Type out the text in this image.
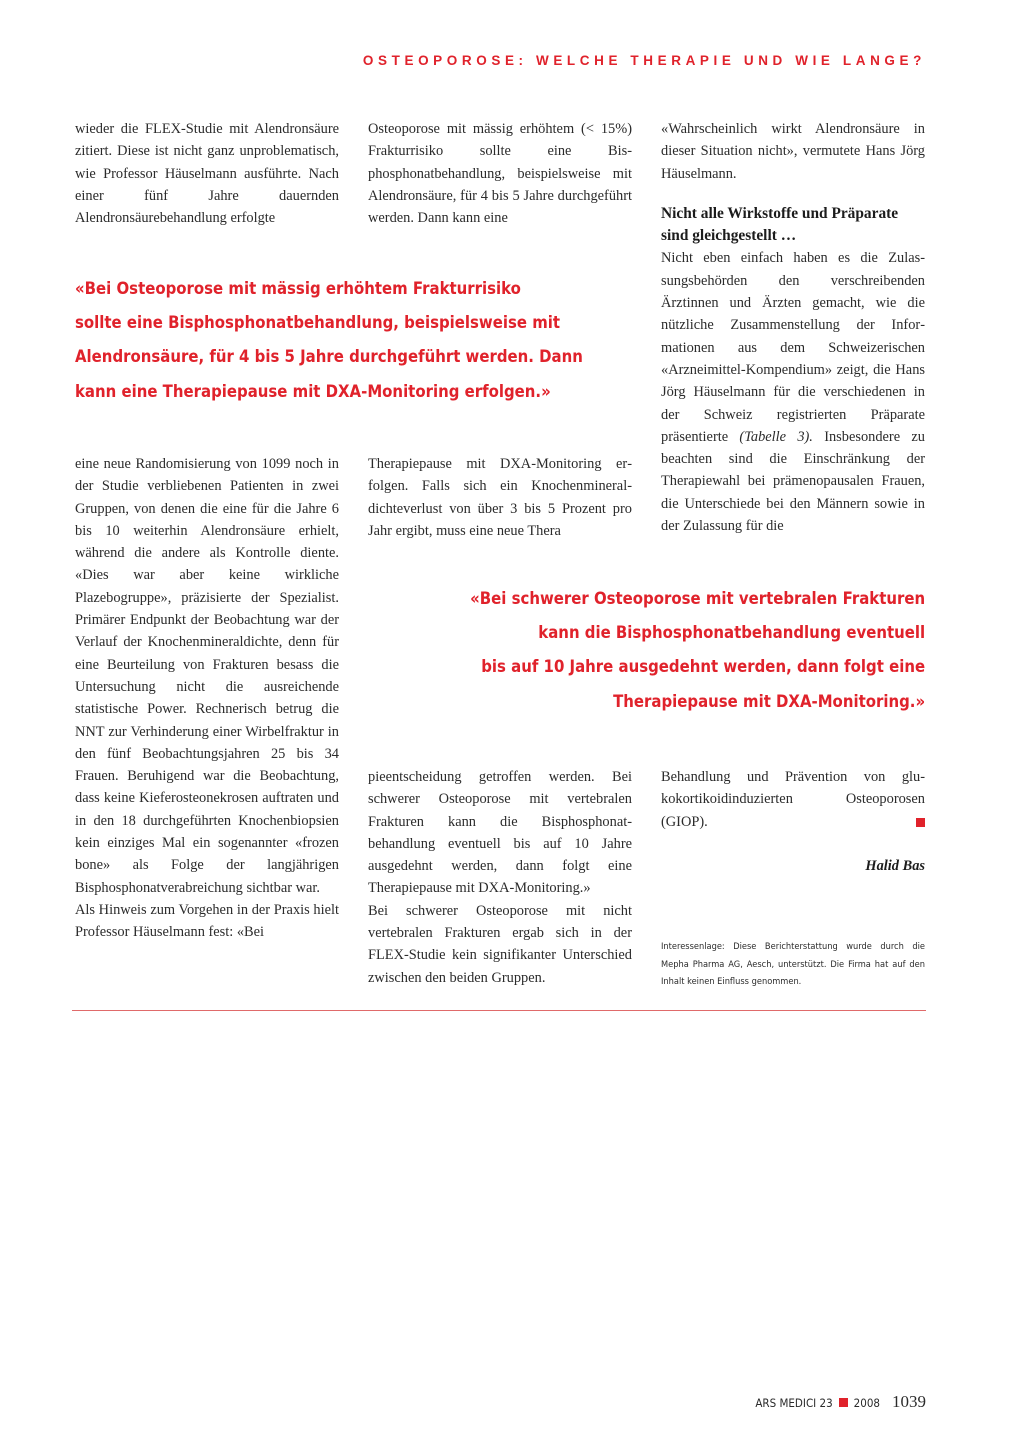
OSTEOPOROSE: WELCHE THERAPIE UND WIE LANGE?

wieder die FLEX-Studie mit Alendronsäure zitiert. Diese ist nicht ganz unproblematisch, wie Professor Häuselmann ausführte. Nach einer fünf Jahre dauernden Alendronsäurebehandlung erfolgte

Osteoporose mit mässig erhöhtem (< 15%) Frakturrisiko sollte eine Bisphosphonatbehandlung, beispielsweise mit Alendronsäure, für 4 bis 5 Jahre durchgeführt werden. Dann kann eine

«Wahrscheinlich wirkt Alendronsäure in dieser Situation nicht», vermutete Hans Jörg Häuselmann.

Nicht alle Wirkstoffe und Präparate sind gleichgestellt …

Nicht eben einfach haben es die Zulassungsbehörden den verschreibenden Ärztinnen und Ärzten gemacht, wie die nützliche Zusammenstellung der Informationen aus dem Schweizerischen «Arzneimittel-Kompendium» zeigt, die Hans Jörg Häuselmann für die verschiedenen in der Schweiz registrierten Präparate präsentierte (Tabelle 3). Insbesondere zu beachten sind die Einschränkung der Therapiewahl bei prämenopausalen Frauen, die Unterschiede bei den Männern sowie in der Zulassung für die

«Bei Osteoporose mit mässig erhöhtem Frakturrisiko
sollte eine Bisphosphonatbehandlung, beispielsweise mit
Alendronsäure, für 4 bis 5 Jahre durchgeführt werden. Dann
kann eine Therapiepause mit DXA-Monitoring erfolgen.»

eine neue Randomisierung von 1099 noch in der Studie verbliebenen Patienten in zwei Gruppen, von denen die eine für die Jahre 6 bis 10 weiterhin Alendronsäure erhielt, während die andere als Kontrolle diente. «Dies war aber keine wirkliche Plazebogruppe», präzisierte der Spezialist. Primärer Endpunkt der Beobachtung war der Verlauf der Knochenmineraldichte, denn für eine Beurteilung von Frakturen besass die Untersuchung nicht die ausreichende statistische Power. Rechnerisch betrug die NNT zur Verhinderung einer Wirbelfraktur in den fünf Beobachtungsjahren 25 bis 34 Frauen. Beruhigend war die Beobachtung, dass keine Kieferosteonekrosen auftraten und in den 18 durchgeführten Knochenbiopsien kein einziges Mal ein sogenannter «frozen bone» als Folge der langjährigen Bisphosphonatverabreichung sichtbar war.

Als Hinweis zum Vorgehen in der Praxis hielt Professor Häuselmann fest: «Bei

Therapiepause mit DXA-Monitoring erfolgen. Falls sich ein Knochenmineraldichteverlust von über 3 bis 5 Prozent pro Jahr ergibt, muss eine neue Thera

«Bei schwerer Osteoporose mit vertebralen Frakturen
kann die Bisphosphonatbehandlung eventuell
bis auf 10 Jahre ausgedehnt werden, dann folgt eine
Therapiepause mit DXA-Monitoring.»

pieentscheidung getroffen werden. Bei schwerer Osteoporose mit vertebralen Frakturen kann die Bisphosphonatbehandlung eventuell bis auf 10 Jahre ausgedehnt werden, dann folgt eine Therapiepause mit DXA-Monitoring.»

Bei schwerer Osteoporose mit nicht vertebralen Frakturen ergab sich in der FLEX-Studie kein signifikanter Unterschied zwischen den beiden Gruppen.

Behandlung und Prävention von glukokortikoidinduzierten Osteoporosen (GIOP).

Halid Bas

Interessenlage: Diese Berichterstattung wurde durch die Mepha Pharma AG, Aesch, unterstützt. Die Firma hat auf den Inhalt keinen Einfluss genommen.

ARS MEDICI 23 2008 1039
